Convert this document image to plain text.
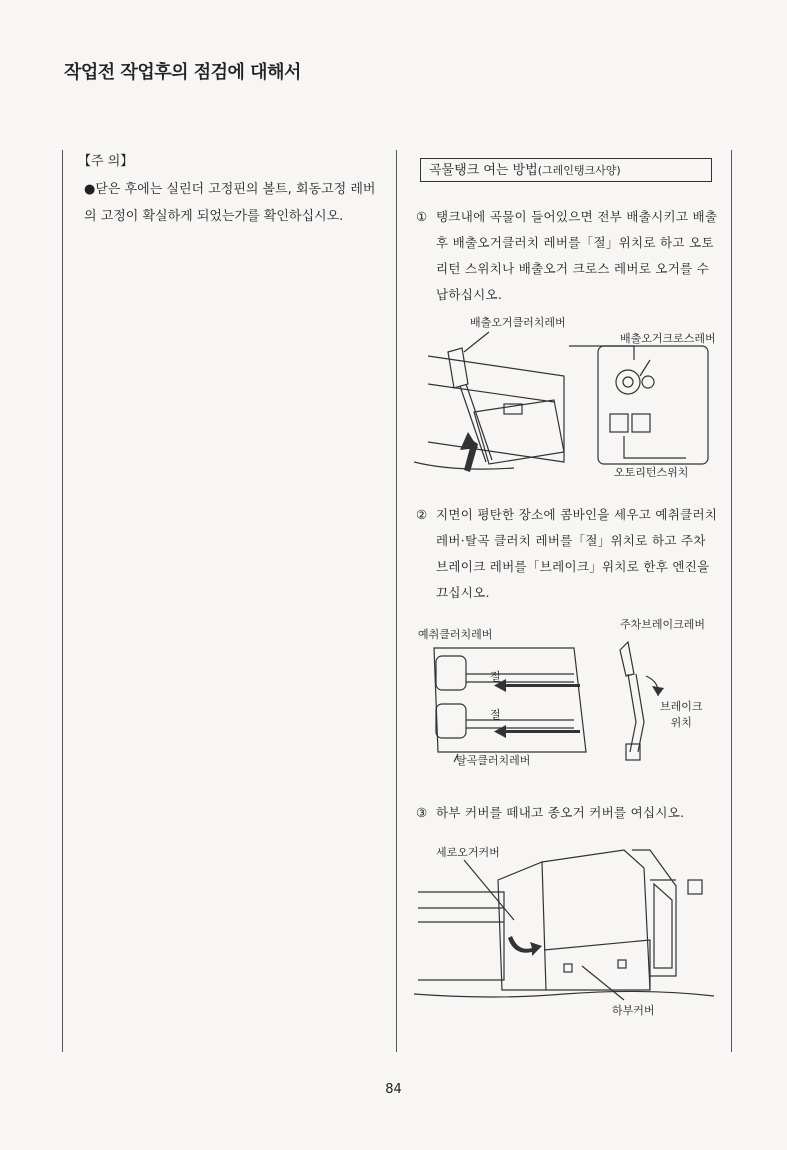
작업전 작업후의 점검에 대해서
【주 의】
●닫은 후에는 실린더 고정핀의 볼트, 회동고정 레버의 고정이 확실하게 되었는가를 확인하십시오.
곡물탱크 여는 방법(그레인탱크사양)
① 탱크내에 곡물이 들어있으면 전부 배출시키고 배출후 배출오거클러치 레버를「절」위치로 하고 오토리턴 스위치나 배출오거 크로스 레버로 오거를 수납하십시오.
배출오거클러치레버
배출오거크로스레버
오토리턴스위치
② 지면이 평탄한 장소에 콤바인을 세우고 예취클러치 레버·탈곡 클러치 레버를「절」위치로 하고 주차브레이크 레버를「브레이크」위치로 한후 엔진을 끄십시오.
예취클러치레버
주차브레이크레버
절
절
브레이크
위치
탈곡클러치레버
③ 하부 커버를 떼내고 종오거 커버를 여십시오.
세로오거커버
하부커버
84
